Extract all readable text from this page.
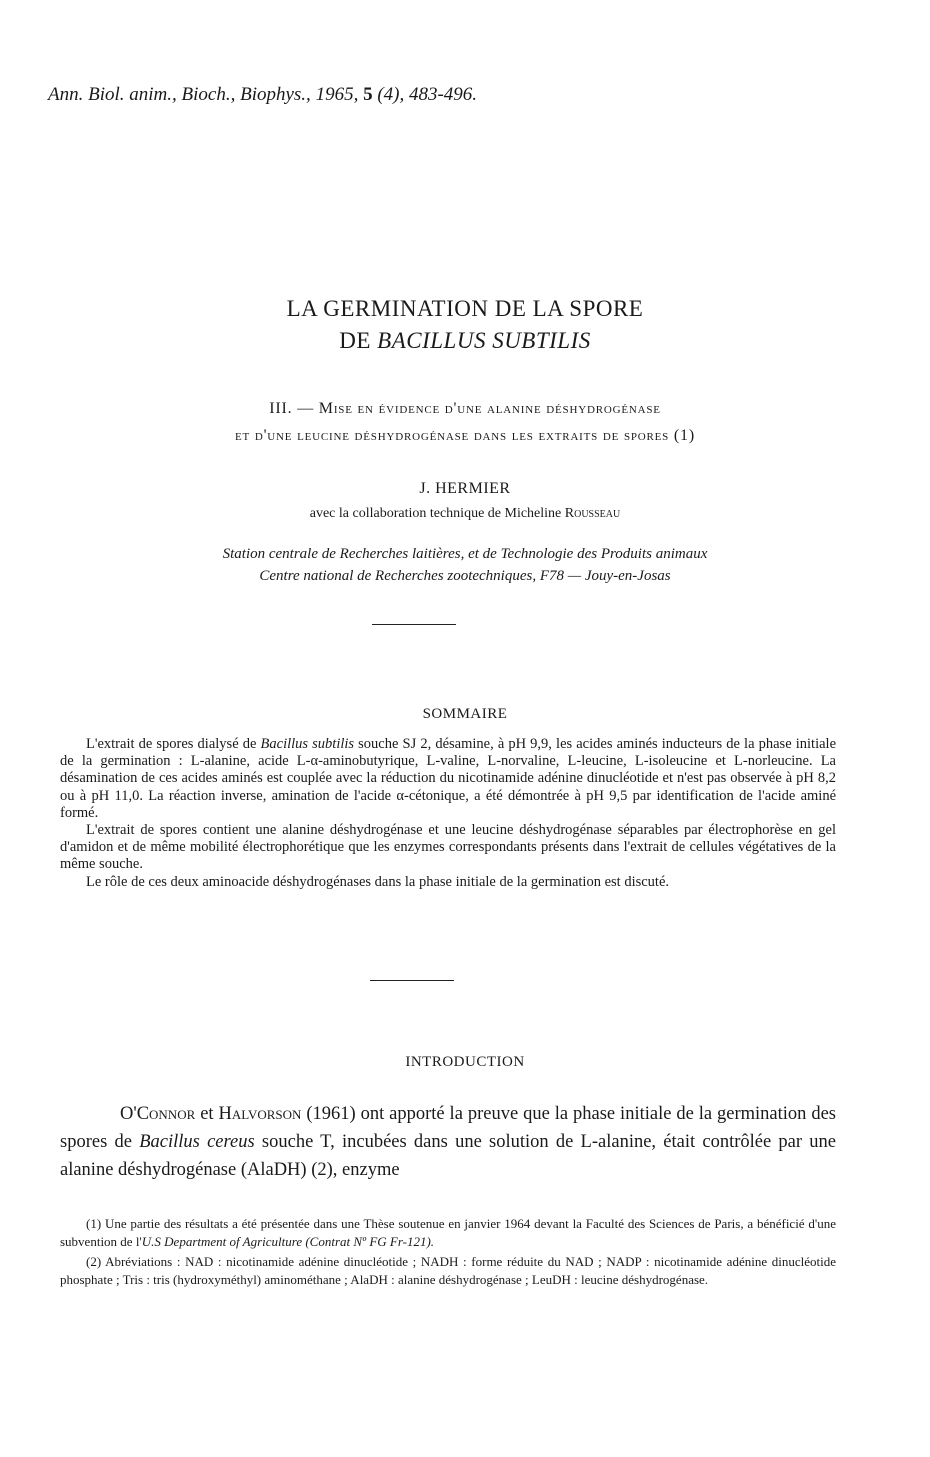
Ann. Biol. anim., Bioch., Biophys., 1965, 5 (4), 483-496.
LA GERMINATION DE LA SPORE
DE BACILLUS SUBTILIS
III. — Mise en évidence d'une alanine déshydrogénase
et d'une leucine déshydrogénase dans les extraits de spores (1)
J. HERMIER
avec la collaboration technique de Micheline Rousseau
Station centrale de Recherches laitières, et de Technologie des Produits animaux
Centre national de Recherches zootechniques, F78 — Jouy-en-Josas
SOMMAIRE

L'extrait de spores dialysé de Bacillus subtilis souche SJ 2, désamine, à pH 9,9, les acides aminés inducteurs de la phase initiale de la germination : L-alanine, acide L-α-aminobutyrique, L-valine, L-norvaline, L-leucine, L-isoleucine et L-norleucine. La désamination de ces acides aminés est couplée avec la réduction du nicotinamide adénine dinucléotide et n'est pas observée à pH 8,2 ou à pH 11,0. La réaction inverse, amination de l'acide α-cétonique, a été démontrée à pH 9,5 par identification de l'acide aminé formé.

L'extrait de spores contient une alanine déshydrogénase et une leucine déshydrogénase séparables par électrophorèse en gel d'amidon et de même mobilité électrophorétique que les enzymes correspondants présents dans l'extrait de cellules végétatives de la même souche.

Le rôle de ces deux aminoacide déshydrogénases dans la phase initiale de la germination est discuté.

INTRODUCTION

O'Connor et Halvorson (1961) ont apporté la preuve que la phase initiale de la germination des spores de Bacillus cereus souche T, incubées dans une solution de L-alanine, était contrôlée par une alanine déshydrogénase (AlaDH) (2), enzyme

(1) Une partie des résultats a été présentée dans une Thèse soutenue en janvier 1964 devant la Faculté des Sciences de Paris, a bénéficié d'une subvention de l'U.S Department of Agriculture (Contrat Nº FG Fr-121).

(2) Abréviations : NAD : nicotinamide adénine dinucléotide ; NADH : forme réduite du NAD ; NADP : nicotinamide adénine dinucléotide phosphate ; Tris : tris (hydroxyméthyl) aminométhane ; AlaDH : alanine déshydrogénase ; LeuDH : leucine déshydrogénase.
